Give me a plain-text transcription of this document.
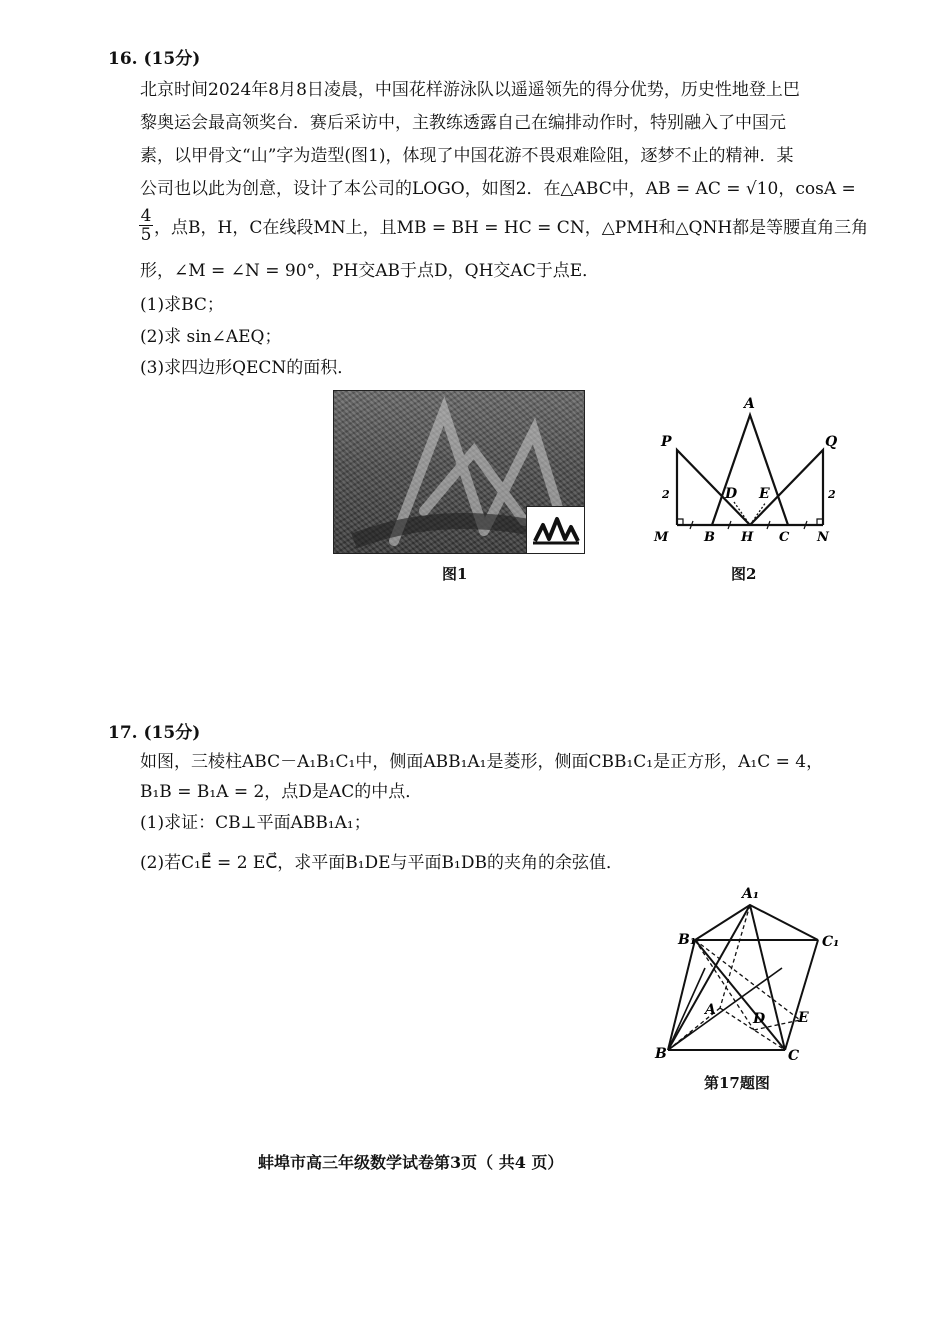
16. (15分)
北京时间2024年8月8日凌晨，中国花样游泳队以遥遥领先的得分优势，历史性地登上巴
黎奥运会最高领奖台．赛后采访中，主教练透露自己在编排动作时，特别融入了中国元
素，以甲骨文“山”字为造型(图1)，体现了中国花游不畏艰难险阻，逐梦不止的精神．某
公司也以此为创意，设计了本公司的LOGO，如图2．在△ABC中，AB = AC = √10，cosA =
4
5 ，点B，H，C在线段MN上，且MB = BH = HC = CN，△PMH和△QNH都是等腰直角三角
形，∠M = ∠N = 90°，PH交AB于点D，QH交AC于点E．
(1)求BC；
(2)求 sin∠AEQ；
(3)求四边形QECN的面积．
图1
A
P	Q
D E
M	B H C N
2	2
图2
17. (15分)
如图，三棱柱ABC－A₁B₁C₁中，侧面ABB₁A₁是菱形，侧面CBB₁C₁是正方形，A₁C = 4，
B₁B = B₁A = 2，点D是AC的中点．
(1)求证：CB⊥平面ABB₁A₁；
(2)若C₁E⃗ = 2 EC⃗，求平面B₁DE与平面B₁DB的夹角的余弦值．
A₁
B₁	C₁
A
B	C
D E
第17题图
蚌埠市高三年级数学试卷第3页（ 共4 页）
